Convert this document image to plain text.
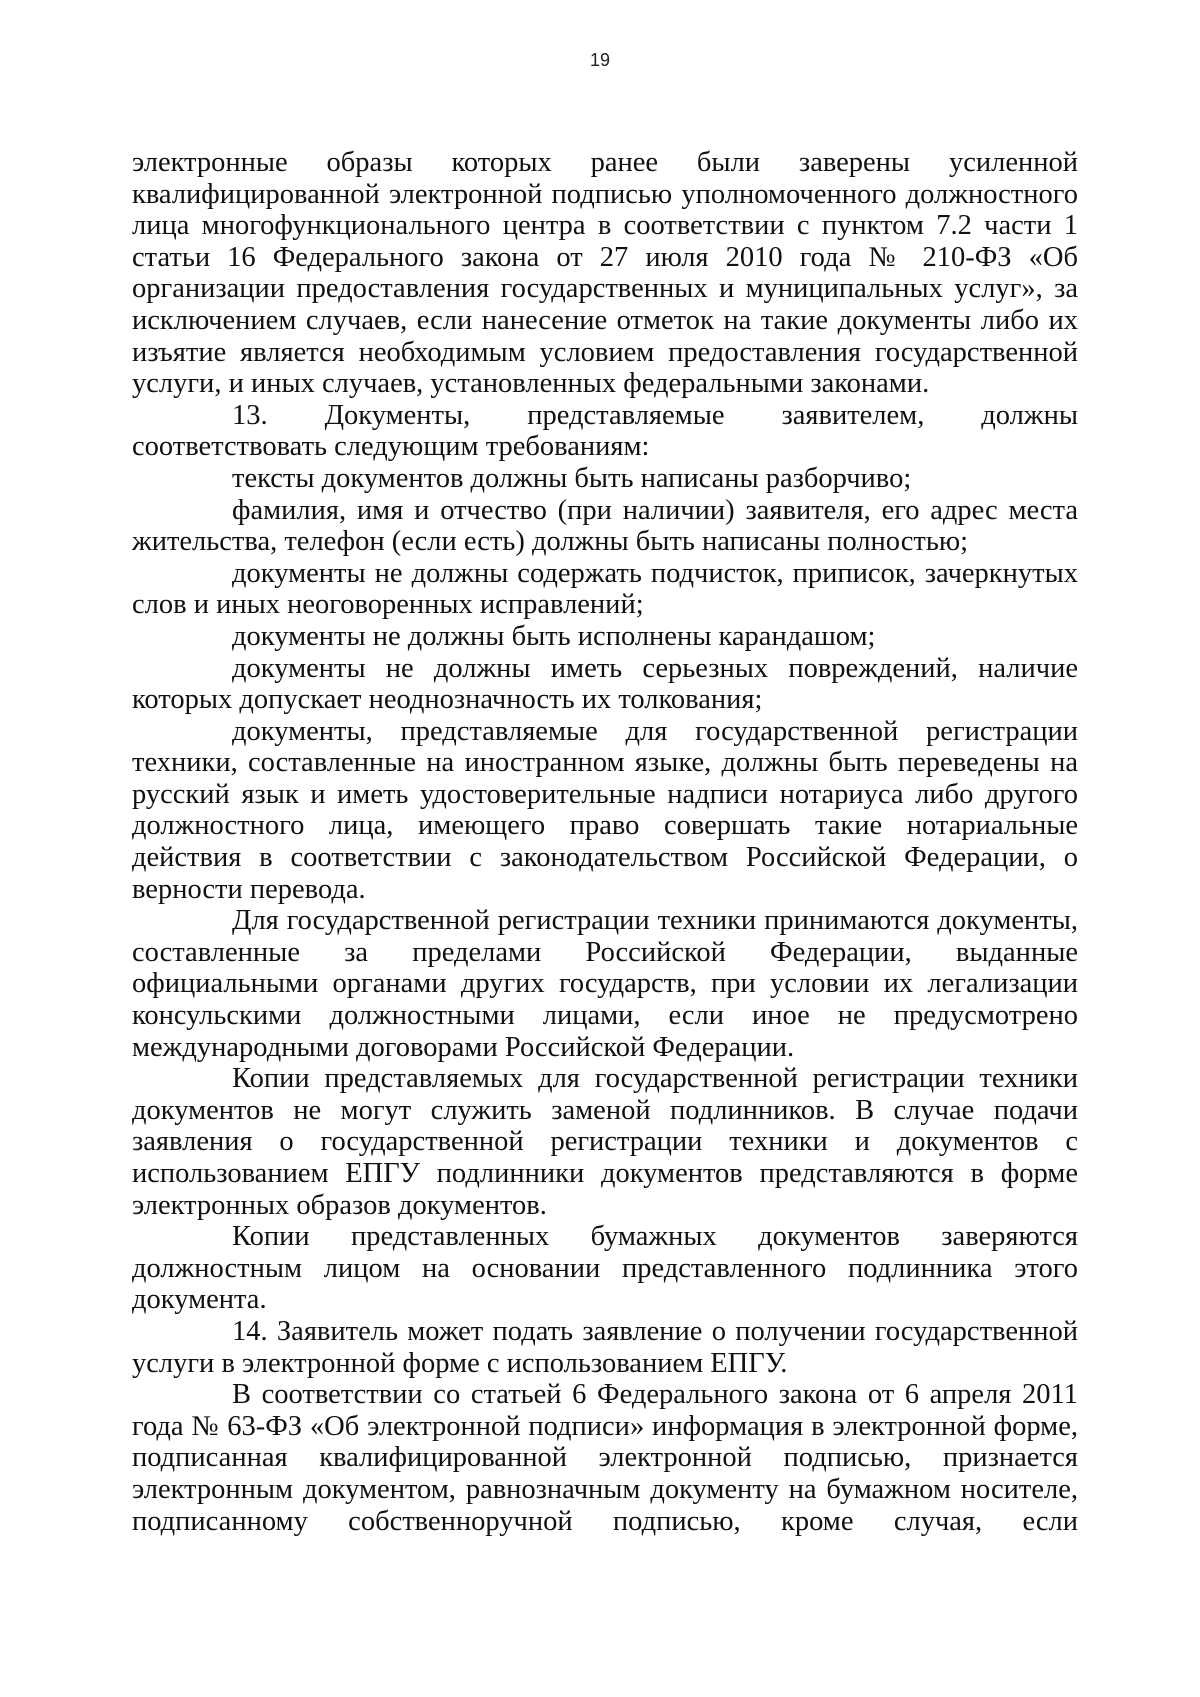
19

электронные образы которых ранее были заверены усиленной квалифицированной электронной подписью уполномоченного должностного лица многофункционального центра в соответствии с пунктом 7.2 части 1 статьи 16 Федерального закона от 27 июля 2010 года № 210-ФЗ «Об организации предоставления государственных и муниципальных услуг», за исключением случаев, если нанесение отметок на такие документы либо их изъятие является необходимым условием предоставления государственной услуги, и иных случаев, установленных федеральными законами.

13. Документы, представляемые заявителем, должны соответствовать следующим требованиям:

тексты документов должны быть написаны разборчиво;

фамилия, имя и отчество (при наличии) заявителя, его адрес места жительства, телефон (если есть) должны быть написаны полностью;

документы не должны содержать подчисток, приписок, зачеркнутых слов и иных неоговоренных исправлений;

документы не должны быть исполнены карандашом;

документы не должны иметь серьезных повреждений, наличие которых допускает неоднозначность их толкования;

документы, представляемые для государственной регистрации техники, составленные на иностранном языке, должны быть переведены на русский язык и иметь удостоверительные надписи нотариуса либо другого должностного лица, имеющего право совершать такие нотариальные действия в соответствии с законодательством Российской Федерации, о верности перевода.

Для государственной регистрации техники принимаются документы, составленные за пределами Российской Федерации, выданные официальными органами других государств, при условии их легализации консульскими должностными лицами, если иное не предусмотрено международными договорами Российской Федерации.

Копии представляемых для государственной регистрации техники документов не могут служить заменой подлинников. В случае подачи заявления о государственной регистрации техники и документов с использованием ЕПГУ подлинники документов представляются в форме электронных образов документов.

Копии представленных бумажных документов заверяются должностным лицом на основании представленного подлинника этого документа.

14. Заявитель может подать заявление о получении государственной услуги в электронной форме с использованием ЕПГУ.

В соответствии со статьей 6 Федерального закона от 6 апреля 2011 года № 63-ФЗ «Об электронной подписи» информация в электронной форме, подписанная квалифицированной электронной подписью, признается электронным документом, равнозначным документу на бумажном носителе, подписанному собственноручной подписью, кроме случая, если
